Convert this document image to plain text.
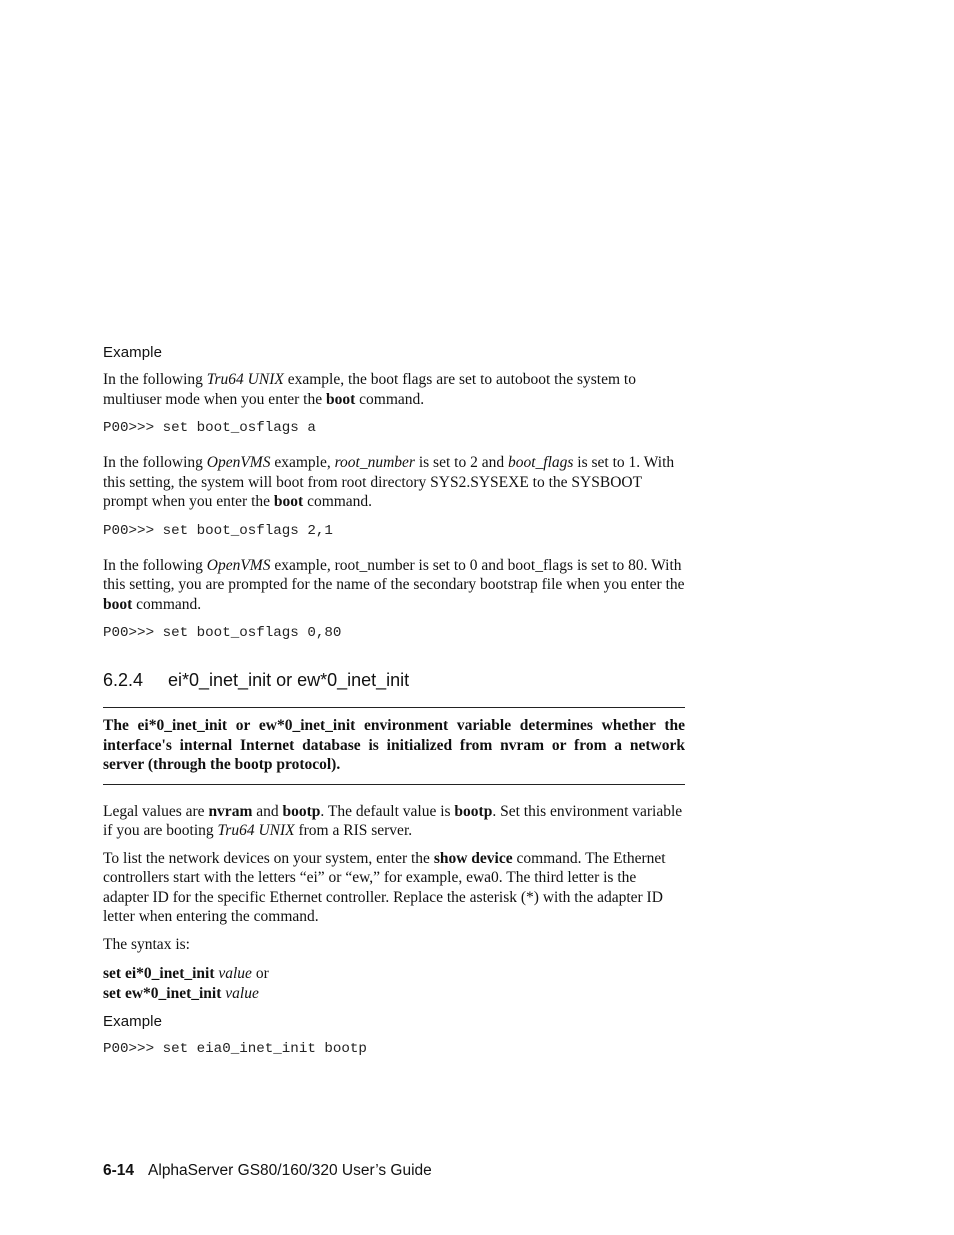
Example

In the following Tru64 UNIX example, the boot flags are set to autoboot the system to multiuser mode when you enter the boot command.

P00>>> set boot_osflags a

In the following OpenVMS example, root_number is set to 2 and boot_flags is set to 1. With this setting, the system will boot from root directory SYS2.SYSEXE to the SYSBOOT prompt when you enter the boot command.

P00>>> set boot_osflags 2,1

In the following OpenVMS example, root_number is set to 0 and boot_flags is set to 80. With this setting, you are prompted for the name of the secondary bootstrap file when you enter the boot command.

P00>>> set boot_osflags 0,80
6.2.4 ei*0_inet_init or ew*0_inet_init

The ei*0_inet_init or ew*0_inet_init environment variable determines whether the interface's internal Internet database is initialized from nvram or from a network server (through the bootp protocol).

Legal values are nvram and bootp. The default value is bootp. Set this environment variable if you are booting Tru64 UNIX from a RIS server.

To list the network devices on your system, enter the show device command. The Ethernet controllers start with the letters “ei” or “ew,” for example, ewa0. The third letter is the adapter ID for the specific Ethernet controller. Replace the asterisk (*) with the adapter ID letter when entering the command.

The syntax is:

set ei*0_inet_init value or

set ew*0_inet_init value

Example
P00>>> set eia0_inet_init bootp
6-14 AlphaServer GS80/160/320 User’s Guide
